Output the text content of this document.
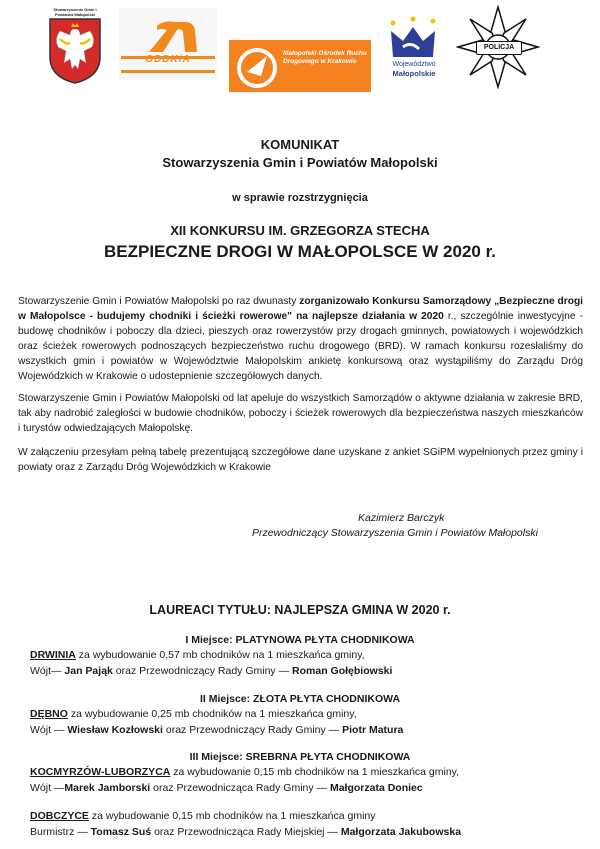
Stowarzyszenie Gmin i Powiatów Małopolski
GDDKiA
Małopolski Ośrodek Ruchu Drogowego w Krakowie	Województwo
Małopolskie
POLICJA
KOMUNIKAT
Stowarzyszenia Gmin i Powiatów Małopolski
w sprawie rozstrzygnięcia
XII KONKURSU IM. GRZEGORZA STECHA
BEZPIECZNE DROGI W MAŁOPOLSCE W 2020 r.
Stowarzyszenie Gmin i Powiatów Małopolski po raz dwunasty zorganizowało Konkursu Samorządowy „Bezpieczne drogi w Małopolsce - budujemy chodniki i ścieżki rowerowe" na najlepsze działania w 2020 r., szczególnie inwestycyjne - budowę chodników i poboczy dla dzieci, pieszych oraz rowerzystów przy drogach gminnych, powiatowych i wojewódzkich oraz ścieżek rowerowych podnoszących bezpieczeństwo ruchu drogowego (BRD). W ramach konkursu rozesłaliśmy do wszystkich gmin i powiatów w Województwie Małopolskim ankietę konkursową oraz wystąpiliśmy do Zarządu Dróg Wojewódzkich w Krakowie o udostepnienie szczegółowych danych.
Stowarzyszenie Gmin i Powiatów Małopolski od lat apeluje do wszystkich Samorządów o aktywne działania w zakresie BRD, tak aby nadrobić zaległości w budowie chodników, poboczy i ścieżek rowerowych dla bezpieczeństwa naszych mieszkańców i turystów odwiedzających Małopolskę.
W załączeniu przesyłam pełną tabelę prezentującą szczegółowe dane uzyskane z ankiet SGiPM wypełnionych przez gminy i powiaty oraz z Zarządu Dróg Wojewódzkich w Krakowie
Kazimierz Barczyk
Przewodniczący Stowarzyszenia Gmin i Powiatów Małopolski
LAUREACI TYTUŁU: NAJLEPSZA GMINA W 2020 r.
I Miejsce: PLATYNOWA PŁYTA CHODNIKOWA
DRWINIA za wybudowanie 0,57 mb chodników na 1 mieszkańca gminy,
Wójt— Jan Pająk oraz Przewodniczący Rady Gminy — Roman Gołębiowski
II Miejsce: ZŁOTA PŁYTA CHODNIKOWA
DĘBNO za wybudowanie 0,25 mb chodników na 1 mieszkańca gminy,
Wójt — Wiesław Kozłowski oraz Przewodniczący Rady Gminy — Piotr Matura
III Miejsce: SREBRNA PŁYTA CHODNIKOWA
KOCMYRZÓW-LUBORZYCA za wybudowanie 0,15 mb chodników na 1 mieszkańca gminy,
Wójt —Marek Jamborski oraz Przewodnicząca Rady Gminy — Małgorzata Doniec
DOBCZYCE za wybudowanie 0,15 mb chodników na 1 mieszkańca gminy
Burmistrz — Tomasz Suś oraz Przewodnicząca Rady Miejskiej — Małgorzata Jakubowska
